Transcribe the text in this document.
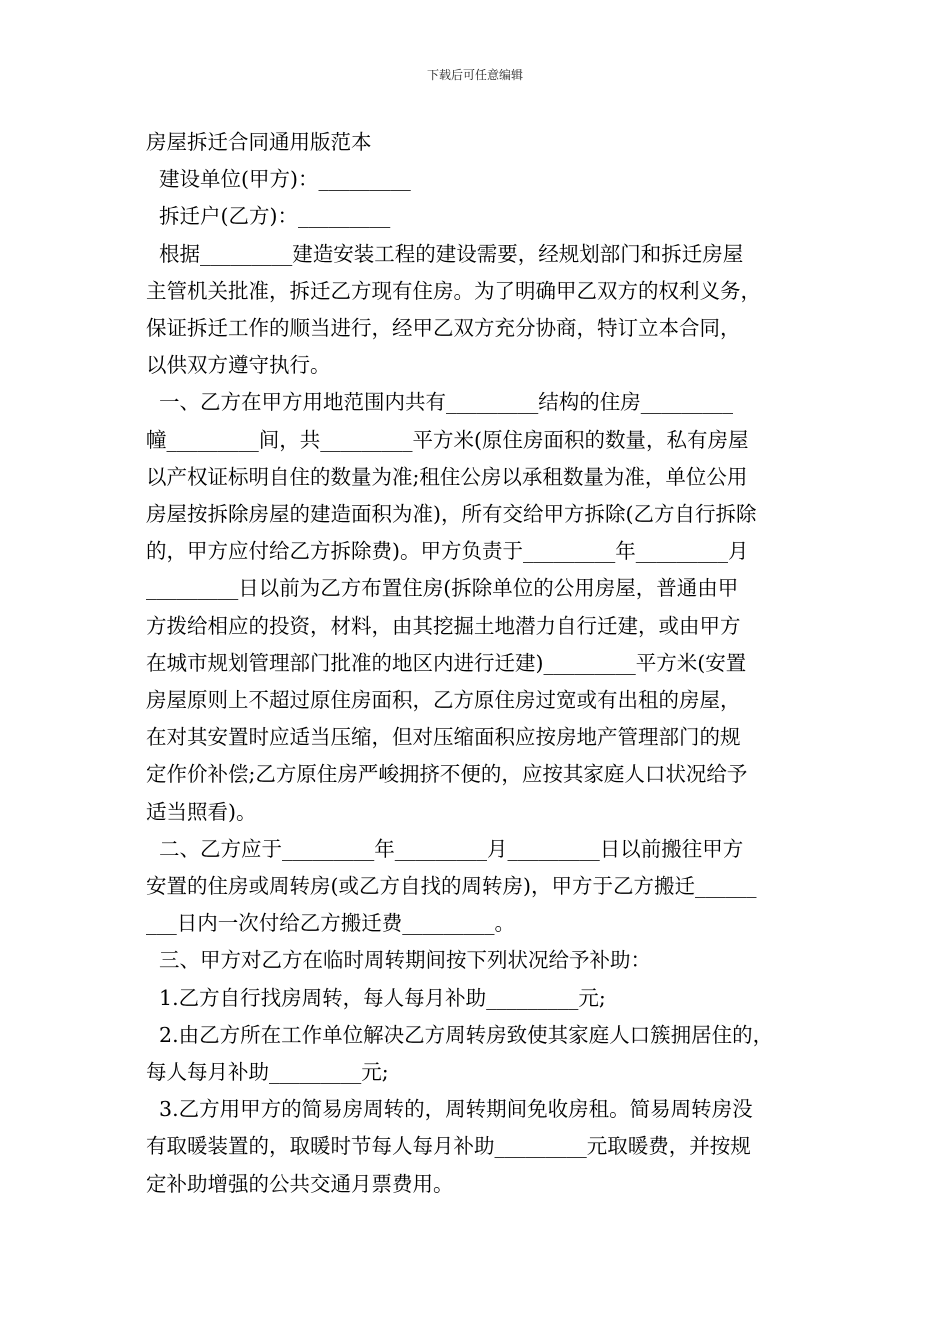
下载后可任意编辑

房屋拆迁合同通用版范本

建设单位(甲方)：_________

拆迁户(乙方)：_________

根据_________建造安装工程的建设需要，经规划部门和拆迁房屋

主管机关批准，拆迁乙方现有住房。为了明确甲乙双方的权利义务，

保证拆迁工作的顺当进行，经甲乙双方充分协商，特订立本合同，

以供双方遵守执行。

一、乙方在甲方用地范围内共有_________结构的住房_________

幢_________间，共_________平方米(原住房面积的数量，私有房屋

以产权证标明自住的数量为准;租住公房以承租数量为准，单位公用

房屋按拆除房屋的建造面积为准)，所有交给甲方拆除(乙方自行拆除

的，甲方应付给乙方拆除费)。甲方负责于_________年_________月

_________日以前为乙方布置住房(拆除单位的公用房屋，普通由甲

方拨给相应的投资，材料，由其挖掘土地潜力自行迁建，或由甲方

在城市规划管理部门批准的地区内进行迁建)_________平方米(安置

房屋原则上不超过原住房面积，乙方原住房过宽或有出租的房屋，

在对其安置时应适当压缩，但对压缩面积应按房地产管理部门的规

定作价补偿;乙方原住房严峻拥挤不便的，应按其家庭人口状况给予

适当照看)。

二、乙方应于_________年_________月_________日以前搬往甲方

安置的住房或周转房(或乙方自找的周转房)，甲方于乙方搬迁______

___日内一次付给乙方搬迁费_________。

三、甲方对乙方在临时周转期间按下列状况给予补助：

1.乙方自行找房周转，每人每月补助_________元;

2.由乙方所在工作单位解决乙方周转房致使其家庭人口簇拥居住的，

每人每月补助_________元;

3.乙方用甲方的简易房周转的，周转期间免收房租。简易周转房没

有取暖装置的，取暖时节每人每月补助_________元取暖费，并按规

定补助增强的公共交通月票费用。
